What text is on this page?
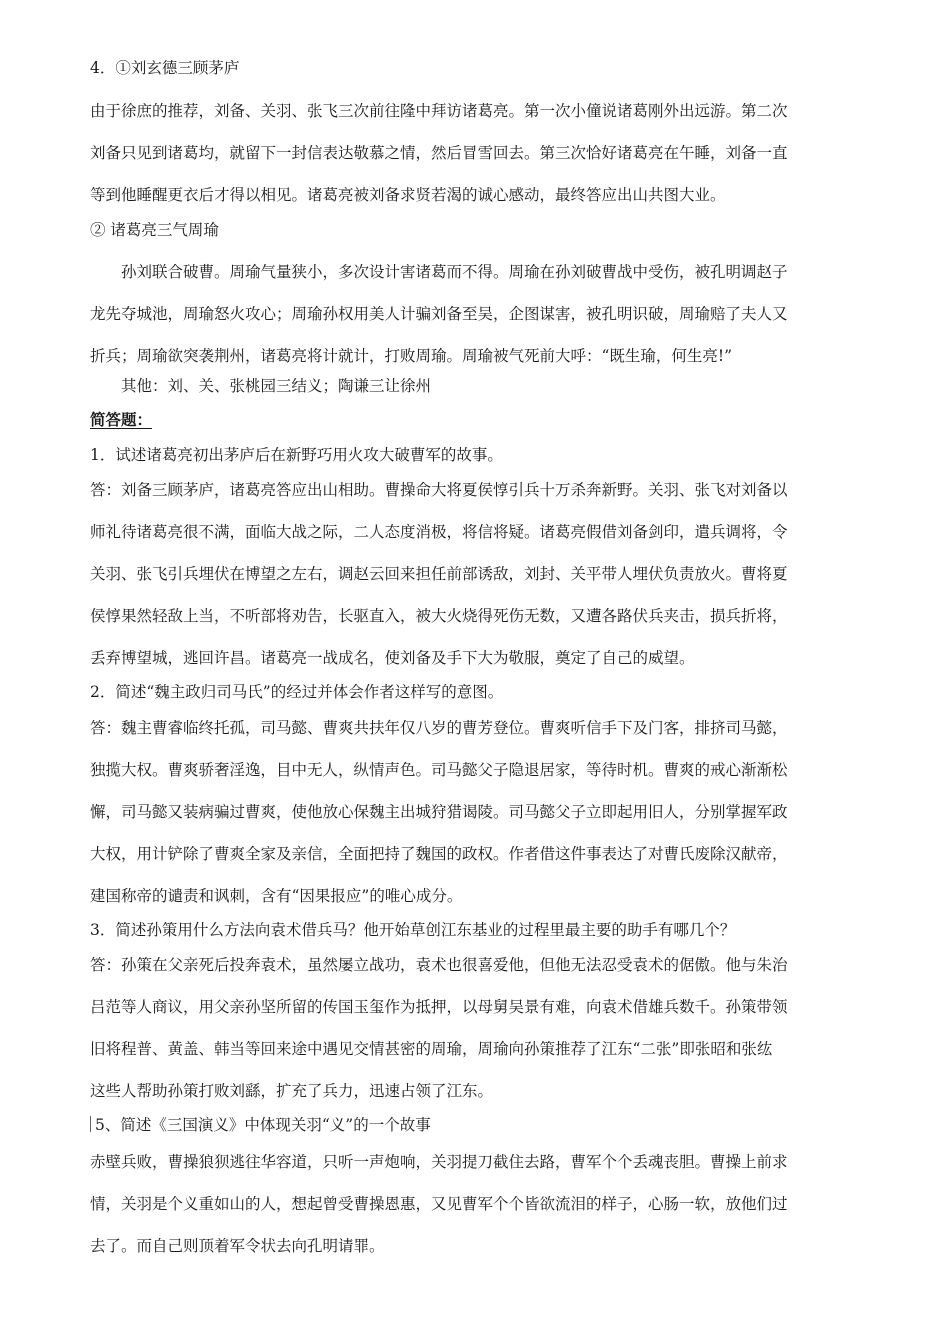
4．①刘玄德三顾茅庐
由于徐庶的推荐，刘备、关羽、张飞三次前往隆中拜访诸葛亮。第一次小僮说诸葛刚外出远游。第二次
刘备只见到诸葛均，就留下一封信表达敬慕之情，然后冒雪回去。第三次恰好诸葛亮在午睡，刘备一直
等到他睡醒更衣后才得以相见。诸葛亮被刘备求贤若渴的诚心感动，最终答应出山共图大业。
② 诸葛亮三气周瑜
孙刘联合破曹。周瑜气量狭小，多次设计害诸葛而不得。周瑜在孙刘破曹战中受伤，被孔明调赵子
龙先夺城池，周瑜怒火攻心；周瑜孙权用美人计骗刘备至吴，企图谋害，被孔明识破，周瑜赔了夫人又
折兵；周瑜欲突袭荆州，诸葛亮将计就计，打败周瑜。周瑜被气死前大呼：“既生瑜，何生亮!”
其他：刘、关、张桃园三结义；陶谦三让徐州
简答题：
1．试述诸葛亮初出茅庐后在新野巧用火攻大破曹军的故事。
答：刘备三顾茅庐，诸葛亮答应出山相助。曹操命大将夏侯惇引兵十万杀奔新野。关羽、张飞对刘备以
师礼待诸葛亮很不满，面临大战之际，二人态度消极，将信将疑。诸葛亮假借刘备剑印，遣兵调将，令
关羽、张飞引兵埋伏在博望之左右，调赵云回来担任前部诱敌，刘封、关平带人埋伏负责放火。曹将夏
侯惇果然轻敌上当，不听部将劝告，长驱直入，被大火烧得死伤无数，又遭各路伏兵夹击，损兵折将，
丢弃博望城，逃回许昌。诸葛亮一战成名，使刘备及手下大为敬服，奠定了自己的威望。
2．简述“魏主政归司马氏”的经过并体会作者这样写的意图。
答：魏主曹睿临终托孤，司马懿、曹爽共扶年仅八岁的曹芳登位。曹爽听信手下及门客，排挤司马懿，
独揽大权。曹爽骄奢淫逸，目中无人，纵情声色。司马懿父子隐退居家，等待时机。曹爽的戒心渐渐松
懈，司马懿又装病骗过曹爽，使他放心保魏主出城狩猎谒陵。司马懿父子立即起用旧人，分别掌握军政
大权，用计铲除了曹爽全家及亲信，全面把持了魏国的政权。作者借这件事表达了对曹氏废除汉献帝，
建国称帝的谴责和讽刺，含有“因果报应”的唯心成分。
3．简述孙策用什么方法向袁术借兵马？他开始草创江东基业的过程里最主要的助手有哪几个？
答：孙策在父亲死后投奔袁术，虽然屡立战功，袁术也很喜爱他，但他无法忍受袁术的倨傲。他与朱治
吕范等人商议，用父亲孙坚所留的传国玉玺作为抵押，以母舅吴景有难，向袁术借雄兵数千。孙策带领
旧将程普、黄盖、韩当等回来途中遇见交情甚密的周瑜，周瑜向孙策推荐了江东“二张”即张昭和张纮
这些人帮助孙策打败刘繇，扩充了兵力，迅速占领了江东。
5、简述《三国演义》中体现关羽“义”的一个故事
赤壁兵败，曹操狼狈逃往华容道，只听一声炮响，关羽提刀截住去路，曹军个个丢魂丧胆。曹操上前求
情，关羽是个义重如山的人，想起曾受曹操恩惠，又见曹军个个皆欲流泪的样子，心肠一软，放他们过
去了。而自己则顶着军令状去向孔明请罪。
